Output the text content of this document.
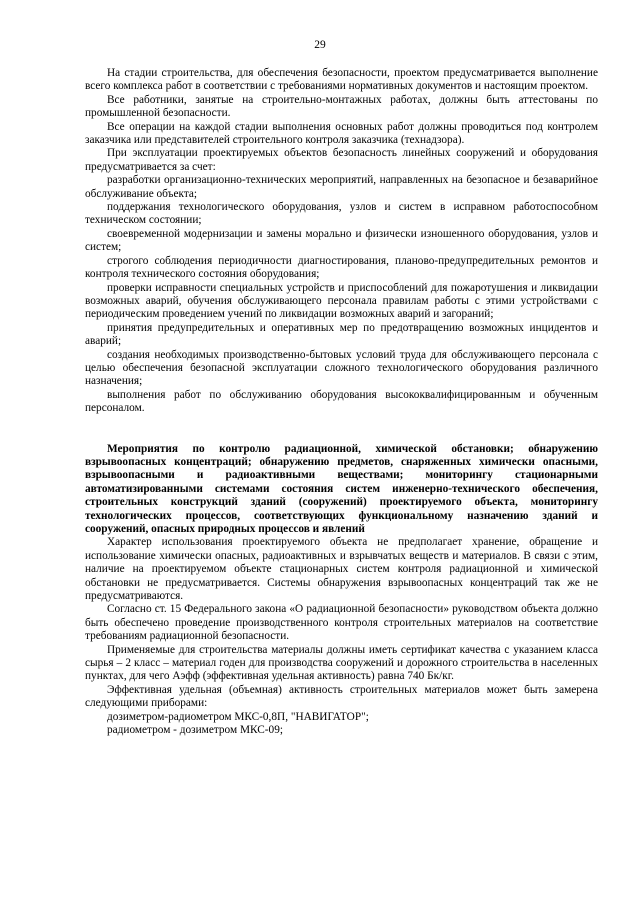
29

На стадии строительства, для обеспечения безопасности, проектом предусматривается выполнение всего комплекса работ в соответствии с требованиями нормативных документов и настоящим проектом.

Все работники, занятые на строительно-монтажных работах, должны быть аттестованы по промышленной безопасности.

Все операции на каждой стадии выполнения основных работ должны проводиться под контролем заказчика или представителей строительного контроля заказчика (технадзора).

При эксплуатации проектируемых объектов безопасность линейных сооружений и оборудования предусматривается за счет:

разработки организационно-технических мероприятий, направленных на безопасное и безаварийное обслуживание объекта;

поддержания технологического оборудования, узлов и систем в исправном работоспособном техническом состоянии;

своевременной модернизации и замены морально и физически изношенного оборудования, узлов и систем;

строгого соблюдения периодичности диагностирования, планово-предупредительных ремонтов и контроля технического состояния оборудования;

проверки исправности специальных устройств и приспособлений для пожаротушения и ликвидации возможных аварий, обучения обслуживающего персонала правилам работы с этими устройствами с периодическим проведением учений по ликвидации возможных аварий и загораний;

принятия предупредительных и оперативных мер по предотвращению возможных инцидентов и аварий;

создания необходимых производственно-бытовых условий труда для обслуживающего персонала с целью обеспечения безопасной эксплуатации сложного технологического оборудования различного назначения;

выполнения работ по обслуживанию оборудования высококвалифицированным и обученным персоналом.

Мероприятия по контролю радиационной, химической обстановки; обнаружению взрывоопасных концентраций; обнаружению предметов, снаряженных химически опасными, взрывоопасными и радиоактивными веществами; мониторингу стационарными автоматизированными системами состояния систем инженерно-технического обеспечения, строительных конструкций зданий (сооружений) проектируемого объекта, мониторингу технологических процессов, соответствующих функциональному назначению зданий и сооружений, опасных природных процессов и явлений

Характер использования проектируемого объекта не предполагает хранение, обращение и использование химически опасных, радиоактивных и взрывчатых веществ и материалов. В связи с этим, наличие на проектируемом объекте стационарных систем контроля радиационной и химической обстановки не предусматривается. Системы обнаружения взрывоопасных концентраций так же не предусматриваются.

Согласно ст. 15 Федерального закона «О радиационной безопасности» руководством объекта должно быть обеспечено проведение производственного контроля строительных материалов на соответствие требованиям радиационной безопасности.

Применяемые для строительства материалы должны иметь сертификат качества с указанием класса сырья – 2 класс – материал годен для производства сооружений и дорожного строительства в населенных пунктах, для чего Аэфф (эффективная удельная активность) равна 740 Бк/кг.

Эффективная удельная (объемная) активность строительных материалов может быть замерена следующими приборами:

дозиметром-радиометром МКС-0,8П, "НАВИГАТОР";

радиометром - дозиметром МКС-09;
